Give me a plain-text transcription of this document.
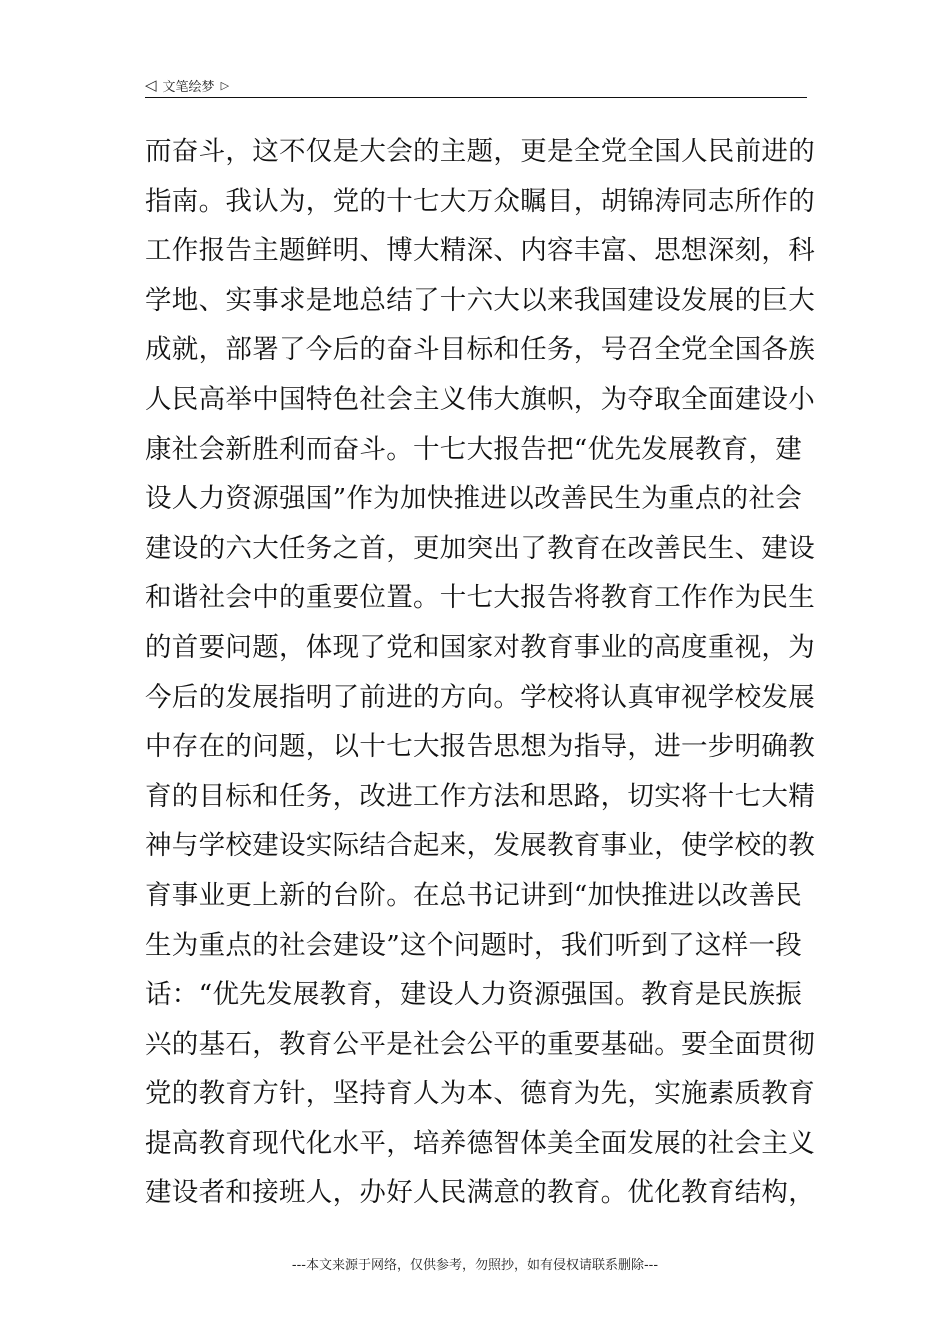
◁ 文笔绘梦 ▷
而奋斗，这不仅是大会的主题，更是全党全国人民前进的
指南。我认为，党的十七大万众瞩目，胡锦涛同志所作的
工作报告主题鲜明、博大精深、内容丰富、思想深刻，科
学地、实事求是地总结了十六大以来我国建设发展的巨大
成就，部署了今后的奋斗目标和任务，号召全党全国各族
人民高举中国特色社会主义伟大旗帜，为夺取全面建设小
康社会新胜利而奋斗。十七大报告把“优先发展教育，建
设人力资源强国”作为加快推进以改善民生为重点的社会
建设的六大任务之首，更加突出了教育在改善民生、建设
和谐社会中的重要位置。十七大报告将教育工作作为民生
的首要问题，体现了党和国家对教育事业的高度重视，为
今后的发展指明了前进的方向。学校将认真审视学校发展
中存在的问题，以十七大报告思想为指导，进一步明确教
育的目标和任务，改进工作方法和思路，切实将十七大精
神与学校建设实际结合起来，发展教育事业，使学校的教
育事业更上新的台阶。在总书记讲到“加快推进以改善民
生为重点的社会建设”这个问题时，我们听到了这样一段
话：“优先发展教育，建设人力资源强国。教育是民族振
兴的基石，教育公平是社会公平的重要基础。要全面贯彻
党的教育方针，坚持育人为本、德育为先，实施素质教育
提高教育现代化水平，培养德智体美全面发展的社会主义
建设者和接班人，办好人民满意的教育。优化教育结构，
---本文来源于网络，仅供参考，勿照抄，如有侵权请联系删除---
